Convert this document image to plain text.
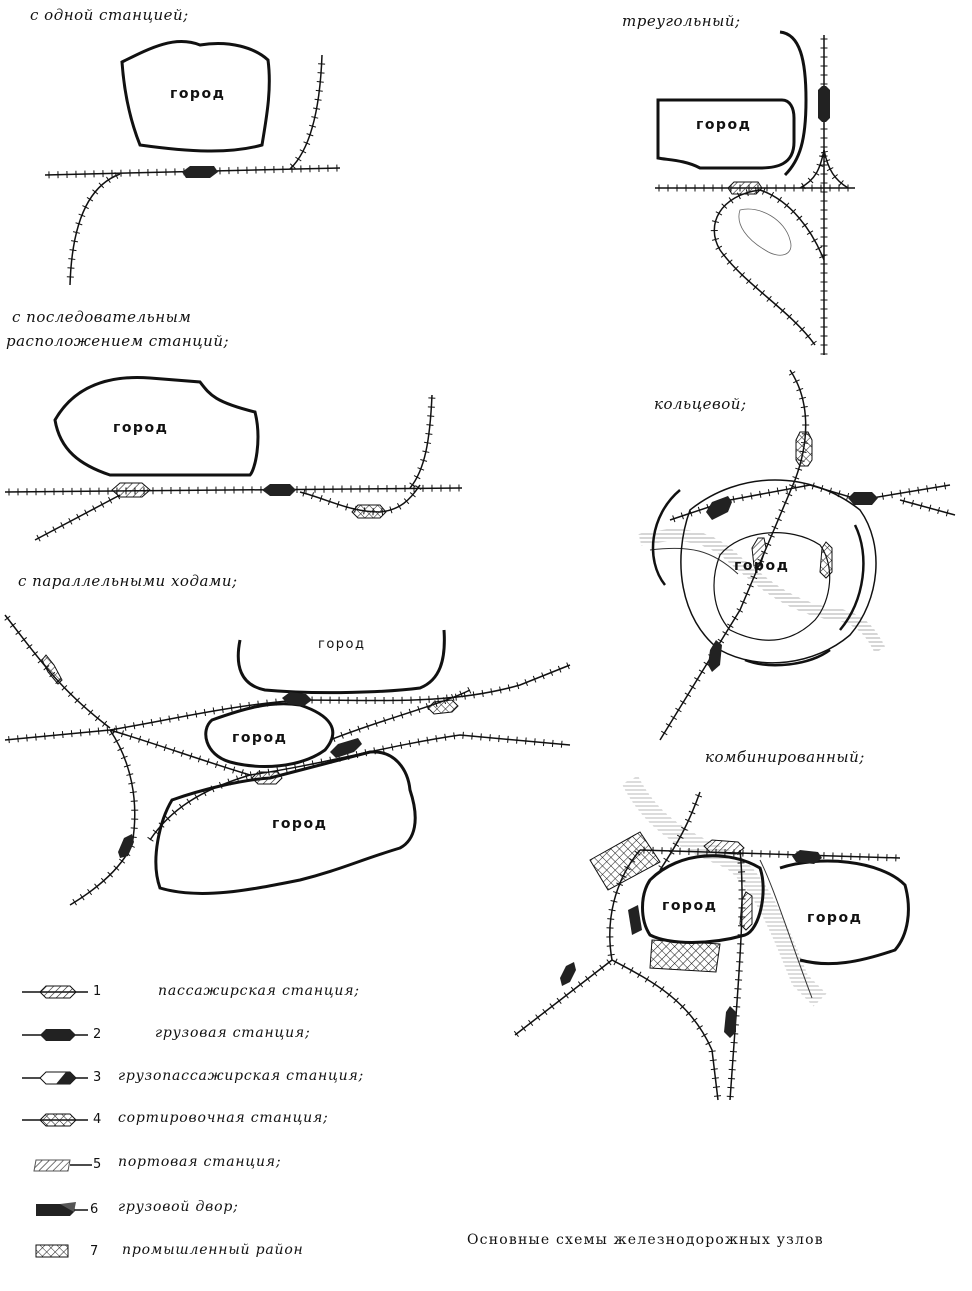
с одной станцией;	треугольный;
с последовательным
расположением станций;
кольцевой;
с параллельными ходами;
комбинированный;
город
город
город
город
город
город
город
город
город
1	пассажирская станция;
2	грузовая станция;
3 грузопассажирская станция;
4 сортировочная станция;
5 портовая станция;
6 грузовой двор;
7 промышленный район
Основные схемы железнодорожных узлов
